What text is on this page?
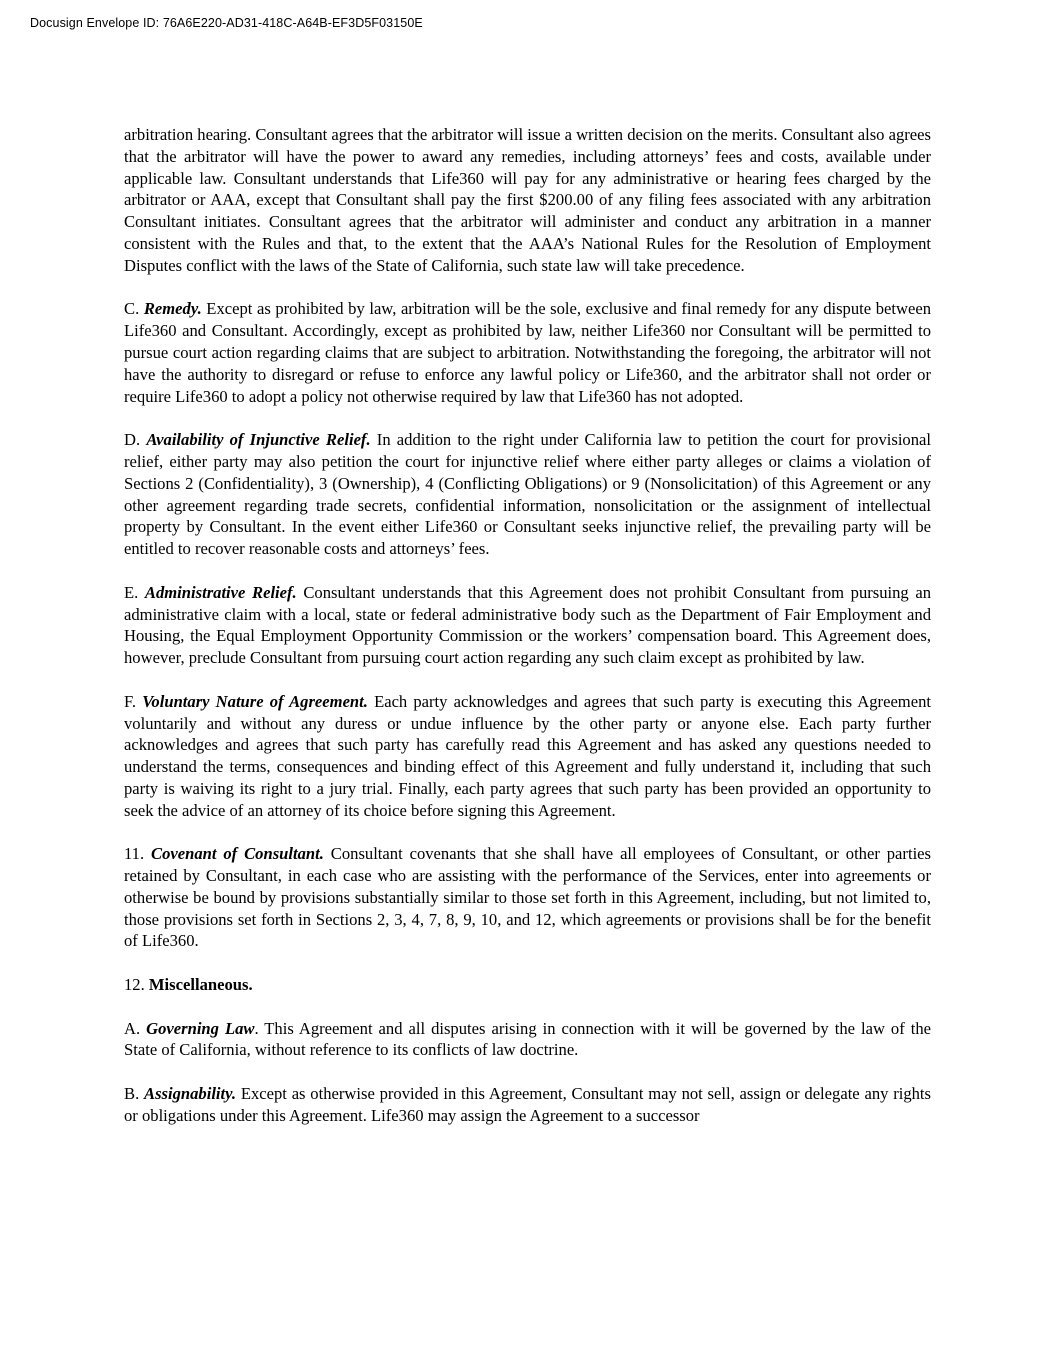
Docusign Envelope ID: 76A6E220-AD31-418C-A64B-EF3D5F03150E

arbitration hearing. Consultant agrees that the arbitrator will issue a written decision on the merits. Consultant also agrees that the arbitrator will have the power to award any remedies, including attorneys’ fees and costs, available under applicable law. Consultant understands that Life360 will pay for any administrative or hearing fees charged by the arbitrator or AAA, except that Consultant shall pay the first $200.00 of any filing fees associated with any arbitration Consultant initiates. Consultant agrees that the arbitrator will administer and conduct any arbitration in a manner consistent with the Rules and that, to the extent that the AAA’s National Rules for the Resolution of Employment Disputes conflict with the laws of the State of California, such state law will take precedence.

C. Remedy. Except as prohibited by law, arbitration will be the sole, exclusive and final remedy for any dispute between Life360 and Consultant. Accordingly, except as prohibited by law, neither Life360 nor Consultant will be permitted to pursue court action regarding claims that are subject to arbitration. Notwithstanding the foregoing, the arbitrator will not have the authority to disregard or refuse to enforce any lawful policy or Life360, and the arbitrator shall not order or require Life360 to adopt a policy not otherwise required by law that Life360 has not adopted.

D. Availability of Injunctive Relief. In addition to the right under California law to petition the court for provisional relief, either party may also petition the court for injunctive relief where either party alleges or claims a violation of Sections 2 (Confidentiality), 3 (Ownership), 4 (Conflicting Obligations) or 9 (Nonsolicitation) of this Agreement or any other agreement regarding trade secrets, confidential information, nonsolicitation or the assignment of intellectual property by Consultant. In the event either Life360 or Consultant seeks injunctive relief, the prevailing party will be entitled to recover reasonable costs and attorneys’ fees.

E. Administrative Relief. Consultant understands that this Agreement does not prohibit Consultant from pursuing an administrative claim with a local, state or federal administrative body such as the Department of Fair Employment and Housing, the Equal Employment Opportunity Commission or the workers’ compensation board. This Agreement does, however, preclude Consultant from pursuing court action regarding any such claim except as prohibited by law.

F. Voluntary Nature of Agreement. Each party acknowledges and agrees that such party is executing this Agreement voluntarily and without any duress or undue influence by the other party or anyone else. Each party further acknowledges and agrees that such party has carefully read this Agreement and has asked any questions needed to understand the terms, consequences and binding effect of this Agreement and fully understand it, including that such party is waiving its right to a jury trial. Finally, each party agrees that such party has been provided an opportunity to seek the advice of an attorney of its choice before signing this Agreement.

11. Covenant of Consultant. Consultant covenants that she shall have all employees of Consultant, or other parties retained by Consultant, in each case who are assisting with the performance of the Services, enter into agreements or otherwise be bound by provisions substantially similar to those set forth in this Agreement, including, but not limited to, those provisions set forth in Sections 2, 3, 4, 7, 8, 9, 10, and 12, which agreements or provisions shall be for the benefit of Life360.

12. Miscellaneous.

A. Governing Law. This Agreement and all disputes arising in connection with it will be governed by the law of the State of California, without reference to its conflicts of law doctrine.

B. Assignability. Except as otherwise provided in this Agreement, Consultant may not sell, assign or delegate any rights or obligations under this Agreement. Life360 may assign the Agreement to a successor
